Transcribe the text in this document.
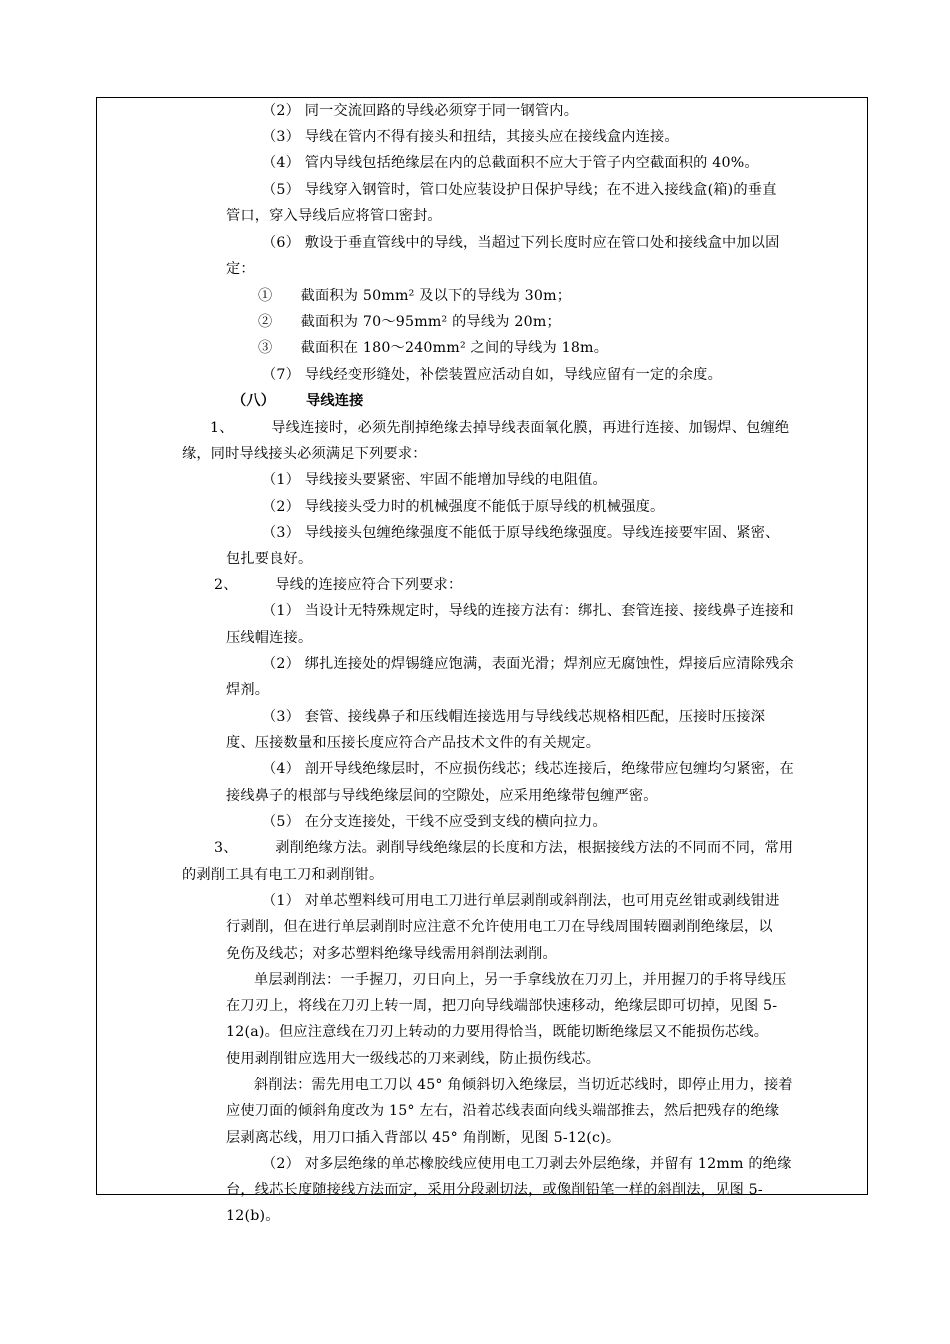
（2） 同一交流回路的导线必须穿于同一钢管内。
（3） 导线在管内不得有接头和扭结，其接头应在接线盒内连接。
（4） 管内导线包括绝缘层在内的总截面积不应大于管子内空截面积的 40%。
（5） 导线穿入钢管时，管口处应装设护日保护导线；在不进入接线盒(箱)的垂直
管口，穿入导线后应将管口密封。
（6） 敷设于垂直管线中的导线，当超过下列长度时应在管口处和接线盒中加以固
定：
①      截面积为 50mm² 及以下的导线为 30m；
②      截面积为 70～95mm² 的导线为 20m；
③      截面积在 180～240mm² 之间的导线为 18m。
（7） 导线经变形缝处，补偿装置应活动自如，导线应留有一定的余度。
（八）      导线连接
1、        导线连接时，必须先削掉绝缘去掉导线表面氧化膜，再进行连接、加锡焊、包缠绝
缘，同时导线接头必须满足下列要求：
（1） 导线接头要紧密、牢固不能增加导线的电阻值。
（2） 导线接头受力时的机械强度不能低于原导线的机械强度。
（3） 导线接头包缠绝缘强度不能低于原导线绝缘强度。导线连接要牢固、紧密、
包扎要良好。
2、        导线的连接应符合下列要求：
（1） 当设计无特殊规定时，导线的连接方法有：绑扎、套管连接、接线鼻子连接和
压线帽连接。
（2） 绑扎连接处的焊锡缝应饱满，表面光滑；焊剂应无腐蚀性，焊接后应清除残余
焊剂。
（3） 套管、接线鼻子和压线帽连接选用与导线线芯规格相匹配，压接时压接深
度、压接数量和压接长度应符合产品技术文件的有关规定。
（4） 剖开导线绝缘层时，不应损伤线芯；线芯连接后，绝缘带应包缠均匀紧密，在
接线鼻子的根部与导线绝缘层间的空隙处，应采用绝缘带包缠严密。
（5） 在分支连接处，干线不应受到支线的横向拉力。
3、        剥削绝缘方法。剥削导线绝缘层的长度和方法，根据接线方法的不同而不同，常用
的剥削工具有电工刀和剥削钳。
（1） 对单芯塑料线可用电工刀进行单层剥削或斜削法，也可用克丝钳或剥线钳进
行剥削，但在进行单层剥削时应注意不允许使用电工刀在导线周围转圈剥削绝缘层，以
免伤及线芯；对多芯塑料绝缘导线需用斜削法剥削。
单层剥削法：一手握刀，刃日向上，另一手拿线放在刀刃上，并用握刀的手将导线压
在刀刃上，将线在刀刃上转一周，把刀向导线端部快速移动，绝缘层即可切掉，见图 5-
12(a)。但应注意线在刀刃上转动的力要用得恰当，既能切断绝缘层又不能损伤芯线。
使用剥削钳应选用大一级线芯的刀来剥线，防止损伤线芯。
斜削法：需先用电工刀以 45° 角倾斜切入绝缘层，当切近芯线时，即停止用力，接着
应使刀面的倾斜角度改为 15° 左右，沿着芯线表面向线头端部推去，然后把残存的绝缘
层剥离芯线，用刀口插入背部以 45° 角削断，见图 5-12(c)。
（2） 对多层绝缘的单芯橡胶线应使用电工刀剥去外层绝缘，并留有 12mm 的绝缘
台，线芯长度随接线方法而定，采用分段剥切法，或像削铅笔一样的斜削法，见图 5-
12(b)。
